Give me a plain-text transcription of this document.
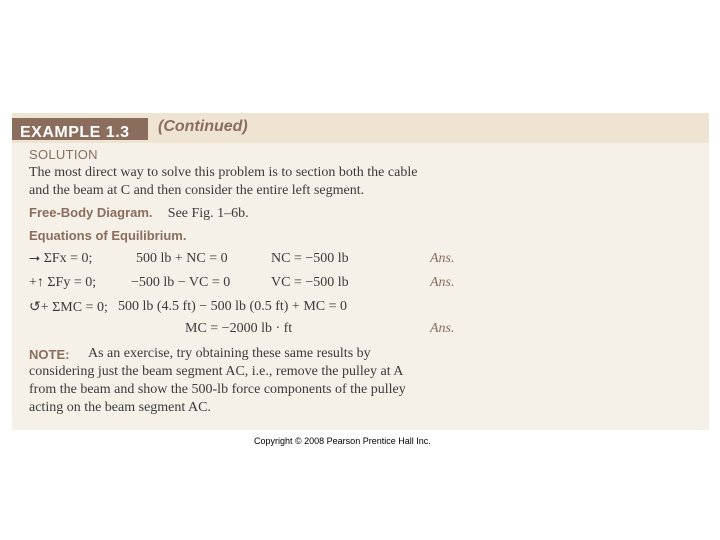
EXAMPLE 1.3 (Continued)
SOLUTION
The most direct way to solve this problem is to section both the cable
and the beam at C and then consider the entire left segment.
Free-Body Diagram. See Fig. 1–6b.
Equations of Equilibrium.
⭢ ΣFx = 0;	500 lb + NC = 0	NC = −500 lb	Ans.
+↑ ΣFy = 0; −500 lb − VC = 0	VC = −500 lb	Ans.
↺+ ΣMC = 0; 500 lb (4.5 ft) − 500 lb (0.5 ft) + MC = 0
MC = −2000 lb · ft	Ans.
NOTE: As an exercise, try obtaining these same results by
considering just the beam segment AC, i.e., remove the pulley at A
from the beam and show the 500-lb force components of the pulley
acting on the beam segment AC.
Copyright © 2008 Pearson Prentice Hall Inc.
